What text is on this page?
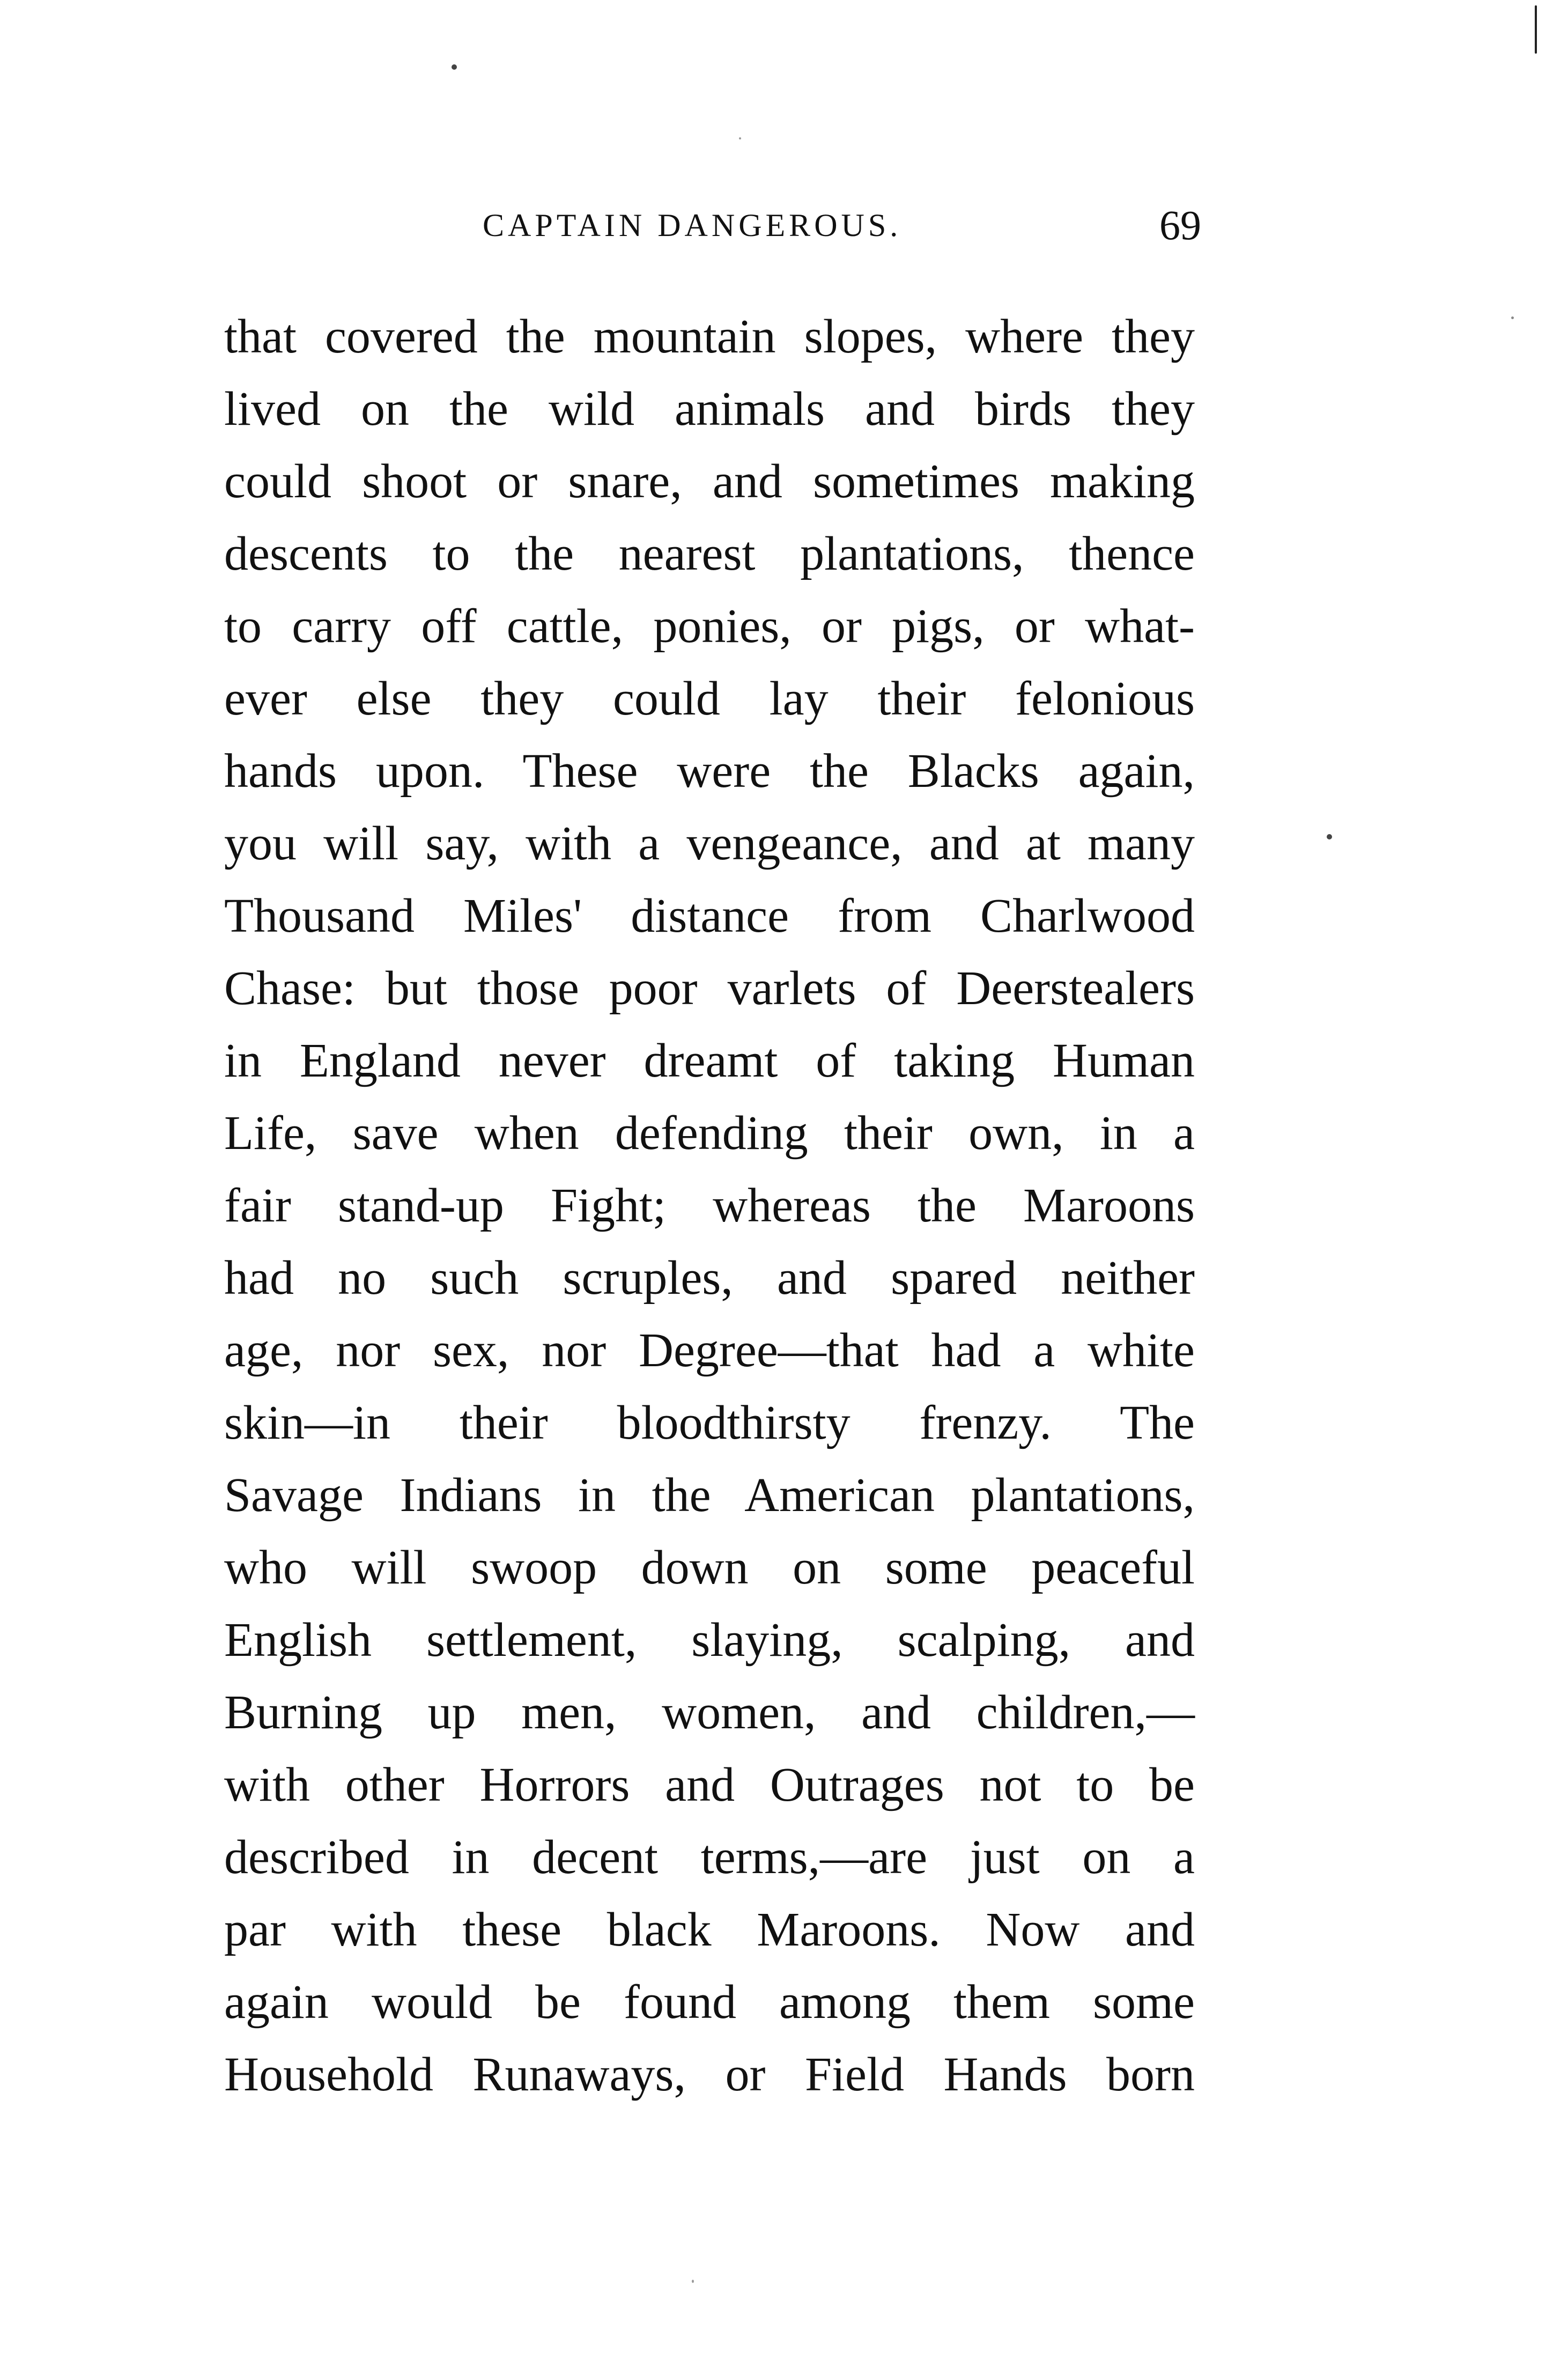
CAPTAIN DANGEROUS.	69
that covered the mountain slopes, where they
lived on the wild animals and birds they
could shoot or snare, and sometimes making
descents to the nearest plantations, thence
to carry off cattle, ponies, or pigs, or what-
ever else they could lay their felonious
hands upon. These were the Blacks again,
you will say, with a vengeance, and at many
Thousand Miles' distance from Charlwood
Chase: but those poor varlets of Deerstealers
in England never dreamt of taking Human
Life, save when defending their own, in a
fair stand-up Fight; whereas the Maroons
had no such scruples, and spared neither
age, nor sex, nor Degree—that had a white
skin—in their bloodthirsty frenzy. The
Savage Indians in the American plantations,
who will swoop down on some peaceful
English settlement, slaying, scalping, and
Burning up men, women, and children,—
with other Horrors and Outrages not to be
described in decent terms,—are just on a
par with these black Maroons. Now and
again would be found among them some
Household Runaways, or Field Hands born
